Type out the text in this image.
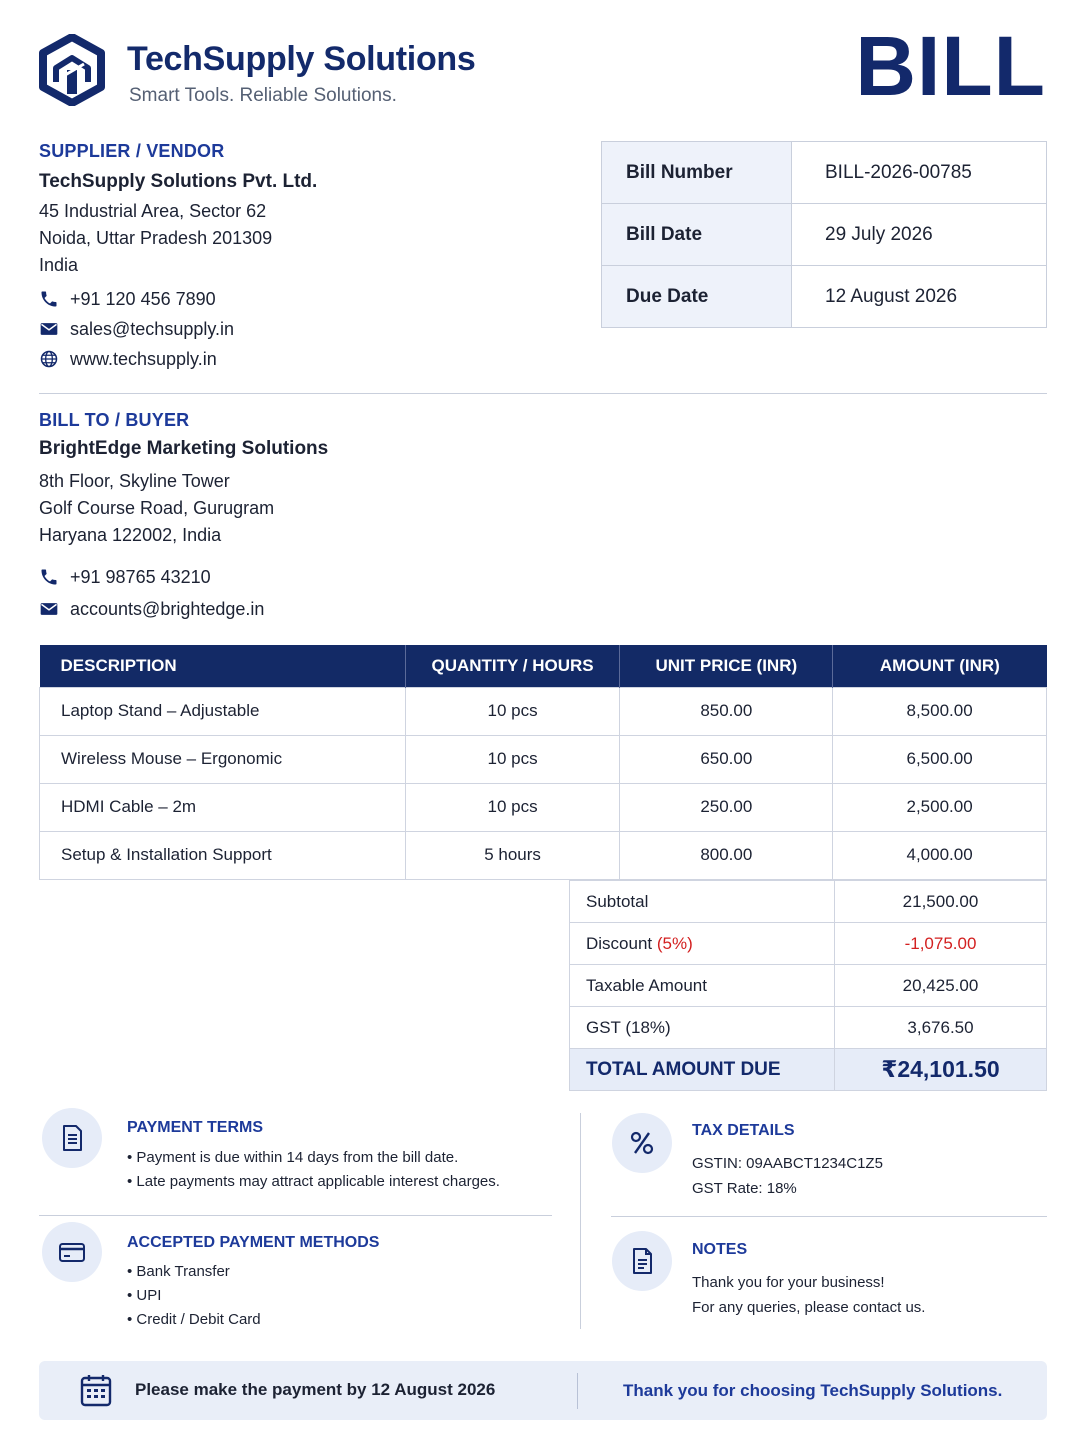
TechSupply Solutions
Smart Tools. Reliable Solutions.	BILL
SUPPLIER / VENDOR
TechSupply Solutions Pvt. Ltd.
45 Industrial Area, Sector 62
Noida, Uttar Pradesh 201309
India
+91 120 456 7890
sales@techsupply.in
www.techsupply.in
Bill Number	BILL-2026-00785
Bill Date	29 July 2026
Due Date	12 August 2026
BILL TO / BUYER
BrightEdge Marketing Solutions
8th Floor, Skyline Tower
Golf Course Road, Gurugram
Haryana 122002, India
+91 98765 43210
accounts@brightedge.in
DESCRIPTION	QUANTITY / HOURS	UNIT PRICE (INR)	AMOUNT (INR)
Laptop Stand – Adjustable	10 pcs	850.00	8,500.00
Wireless Mouse – Ergonomic	10 pcs	650.00	6,500.00
HDMI Cable – 2m	10 pcs	250.00	2,500.00
Setup & Installation Support	5 hours	800.00	4,000.00
Subtotal	21,500.00
Discount (5%)	-1,075.00
Taxable Amount	20,425.00
GST (18%)	3,676.50
TOTAL AMOUNT DUE	₹24,101.50
PAYMENT TERMS
• Payment is due within 14 days from the bill date.
• Late payments may attract applicable interest charges.
ACCEPTED PAYMENT METHODS
• Bank Transfer
• UPI
• Credit / Debit Card
TAX DETAILS
GSTIN: 09AABCT1234C1Z5
GST Rate: 18%
NOTES
Thank you for your business!
For any queries, please contact us.
Please make the payment by 12 August 2026	Thank you for choosing TechSupply Solutions.
